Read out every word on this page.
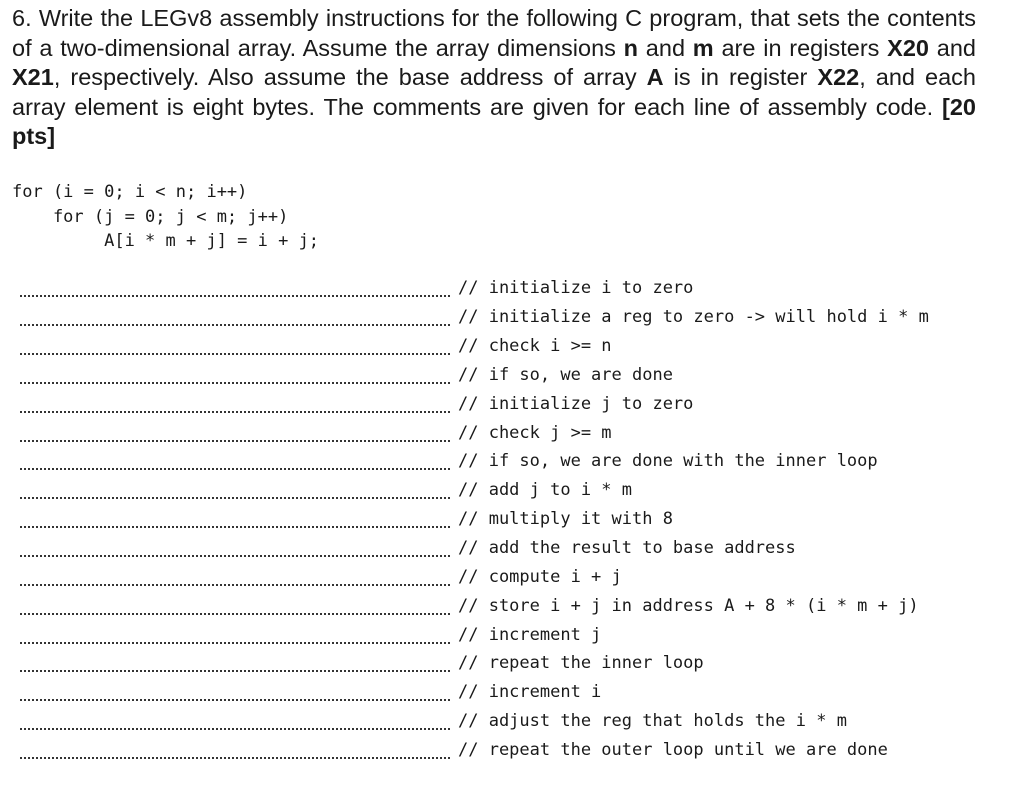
6. Write the LEGv8 assembly instructions for the following C program, that sets the contents of a two-dimensional array. Assume the array dimensions n and m are in registers X20 and X21, respectively. Also assume the base address of array A is in register X22, and each array element is eight bytes. The comments are given for each line of assembly code. [20 pts]
for (i = 0; i < n; i++)
for (j = 0; j < m; j++)
A[i * m + j] = i + j;
// initialize i to zero
// initialize a reg to zero -> will hold i * m
// check i >= n
// if so, we are done
// initialize j to zero
// check j >= m
// if so, we are done with the inner loop
// add j to i * m
// multiply it with 8
// add the result to base address
// compute i + j
// store i + j in address A + 8 * (i * m + j)
// increment j
// repeat the inner loop
// increment i
// adjust the reg that holds the i * m
// repeat the outer loop until we are done
